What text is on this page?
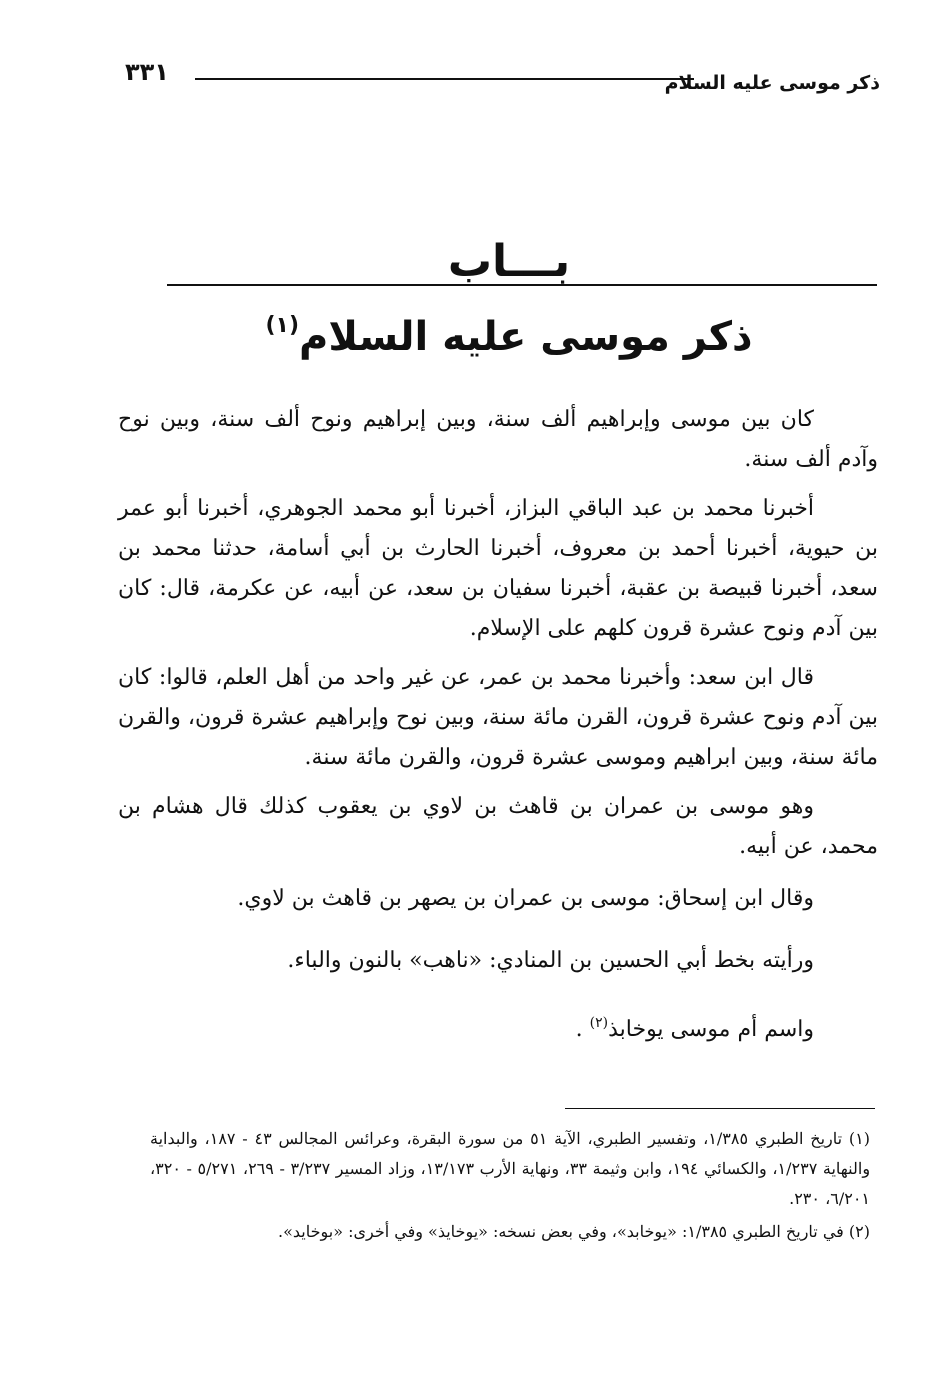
ذكر موسى عليه السلام
٣٣١
بـــاب
ذكر موسى عليه السلام$^{(١)}$

كان بين موسى وإبراهيم ألف سنة، وبين إبراهيم ونوح ألف سنة، وبين نوح وآدم ألف سنة.

أخبرنا محمد بن عبد الباقي البزاز، أخبرنا أبو محمد الجوهري، أخبرنا أبو عمر بن حيوية، أخبرنا أحمد بن معروف، أخبرنا الحارث بن أبي أسامة، حدثنا محمد بن سعد، أخبرنا قبيصة بن عقبة، أخبرنا سفيان بن سعد، عن أبيه، عن عكرمة، قال: كان بين آدم ونوح عشرة قرون كلهم على الإسلام.

قال ابن سعد: وأخبرنا محمد بن عمر، عن غير واحد من أهل العلم، قالوا: كان بين آدم ونوح عشرة قرون، القرن مائة سنة، وبين نوح وإبراهيم عشرة قرون، والقرن مائة سنة، وبين ابراهيم وموسى عشرة قرون، والقرن مائة سنة.

وهو موسى بن عمران بن قاهث بن لاوي بن يعقوب كذلك قال هشام بن محمد، عن أبيه.

وقال ابن إسحاق: موسى بن عمران بن يصهر بن قاهث بن لاوي.

ورأيته بخط أبي الحسين بن المنادي: «ناهب» بالنون والباء.

واسم أم موسى يوخابذ$^{(٢)}$ .

(١) تاريخ الطبري ١/٣٨٥، وتفسير الطبري، الآية ٥١ من سورة البقرة، وعرائس المجالس ٤٣ - ١٨٧، والبداية والنهاية ١/٢٣٧، والكسائي ١٩٤، وابن وثيمة ٣٣، ونهاية الأرب ١٣/١٧٣، وزاد المسير ٣/٢٣٧ - ٢٦٩، ٥/٢٧١ - ٣٢٠، ٦/٢٠١، ٢٣٠.

(٢) في تاريخ الطبري ١/٣٨٥: «يوخابد»، وفي بعض نسخه: «يوخايذ» وفي أخرى: «بوخايد».
